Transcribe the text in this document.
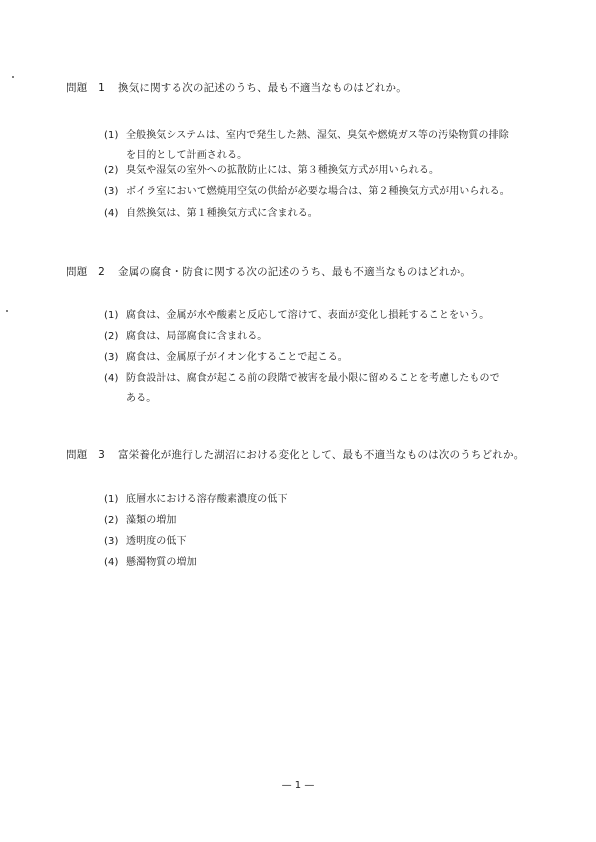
問題　1 換気に関する次の記述のうち、最も不適当なものはどれか。
(1) 全般換気システムは、室内で発生した熱、湿気、臭気や燃焼ガス等の汚染物質の排除
を目的として計画される。
(2) 臭気や湿気の室外への拡散防止には、第３種換気方式が用いられる。
(3) ボイラ室において燃焼用空気の供給が必要な場合は、第２種換気方式が用いられる。
(4) 自然換気は、第１種換気方式に含まれる。
問題　2 金属の腐食・防食に関する次の記述のうち、最も不適当なものはどれか。
(1) 腐食は、金属が水や酸素と反応して溶けて、表面が変化し損耗することをいう。
(2) 腐食は、局部腐食に含まれる。
(3) 腐食は、金属原子がイオン化することで起こる。
(4) 防食設計は、腐食が起こる前の段階で被害を最小限に留めることを考慮したもので
ある。
問題　3 富栄養化が進行した湖沼における変化として、最も不適当なものは次のうちどれか。
(1) 底層水における溶存酸素濃度の低下
(2) 藻類の増加
(3) 透明度の低下
(4) 懸濁物質の増加
— 1 —
